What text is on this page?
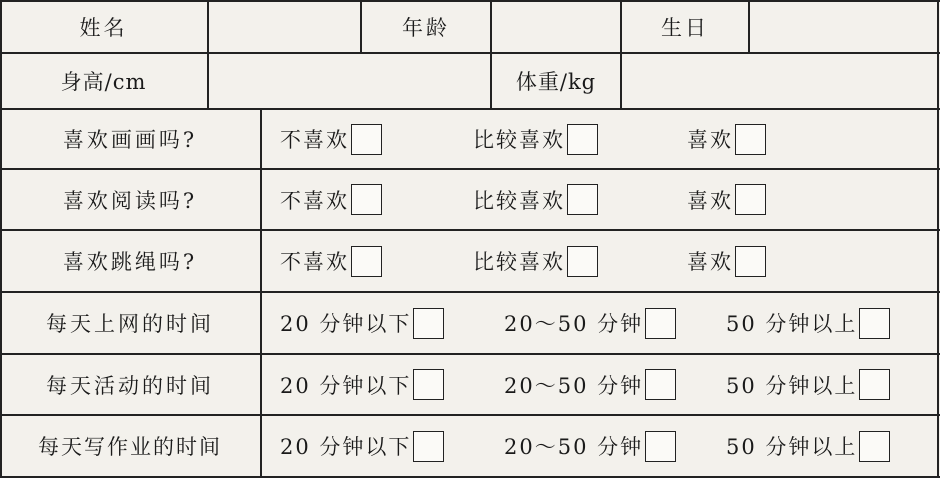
姓名	年龄	生日
身高/cm	体重/kg
喜欢画画吗?	不喜欢	比较喜欢	喜欢
喜欢阅读吗?	不喜欢	比较喜欢	喜欢
喜欢跳绳吗?	不喜欢	比较喜欢	喜欢
每天上网的时间	20 分钟以下	20～50 分钟	50 分钟以上
每天活动的时间	20 分钟以下	20～50 分钟	50 分钟以上
每天写作业的时间	20 分钟以下	20～50 分钟	50 分钟以上
